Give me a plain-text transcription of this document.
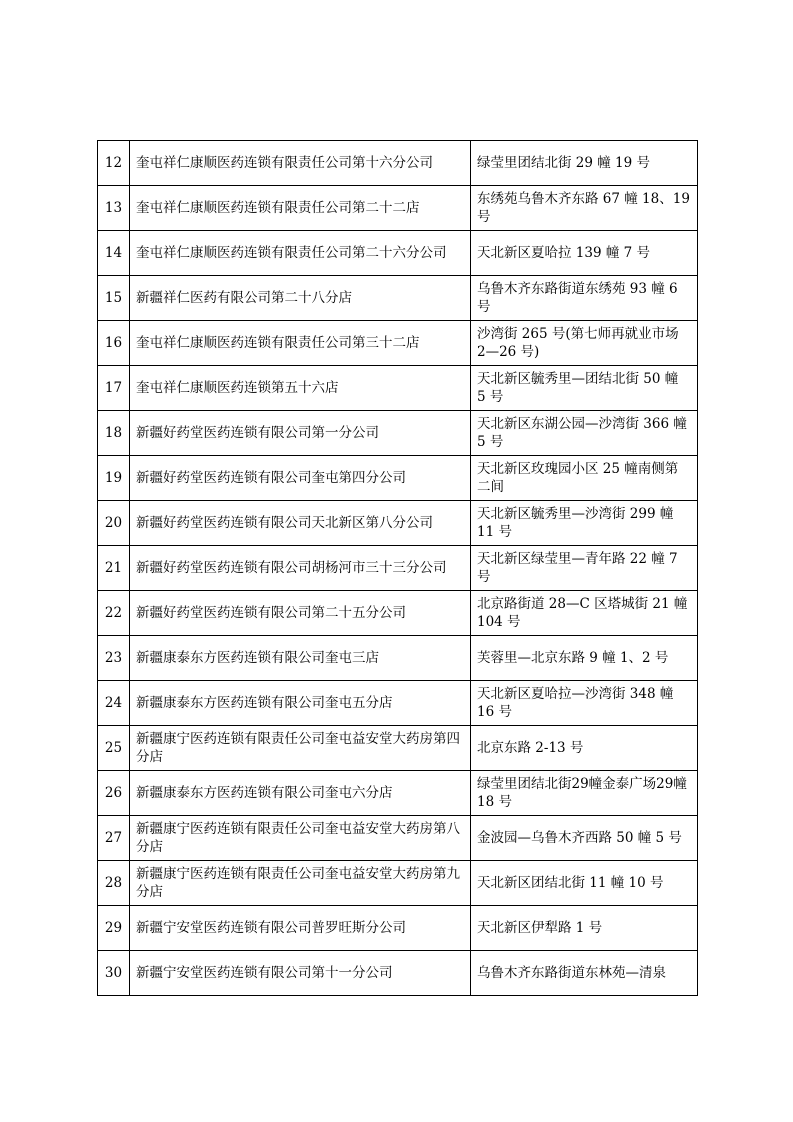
12	奎屯祥仁康顺医药连锁有限责任公司第十六分公司	绿莹里团结北街 29 幢 19 号
13	奎屯祥仁康顺医药连锁有限责任公司第二十二店	东绣苑乌鲁木齐东路 67 幢 18、19 号
14	奎屯祥仁康顺医药连锁有限责任公司第二十六分公司	天北新区夏哈拉 139 幢 7 号
15	新疆祥仁医药有限公司第二十八分店	乌鲁木齐东路街道东绣苑 93 幢 6 号
16	奎屯祥仁康顺医药连锁有限责任公司第三十二店	沙湾街 265 号(第七师再就业市场 2—26 号)
17	奎屯祥仁康顺医药连锁第五十六店	天北新区毓秀里—团结北街 50 幢 5 号
18	新疆好药堂医药连锁有限公司第一分公司	天北新区东湖公园—沙湾街 366 幢 5 号
19	新疆好药堂医药连锁有限公司奎屯第四分公司	天北新区玫瑰园小区 25 幢南侧第二间
20	新疆好药堂医药连锁有限公司天北新区第八分公司	天北新区毓秀里—沙湾街 299 幢 11 号
21	新疆好药堂医药连锁有限公司胡杨河市三十三分公司	天北新区绿莹里—青年路 22 幢 7 号
22	新疆好药堂医药连锁有限公司第二十五分公司	北京路街道 28—C 区塔城街 21 幢 104 号
23	新疆康泰东方医药连锁有限公司奎屯三店	芙蓉里—北京东路 9 幢 1、2 号
24	新疆康泰东方医药连锁有限公司奎屯五分店	天北新区夏哈拉—沙湾街 348 幢 16 号
25	新疆康宁医药连锁有限责任公司奎屯益安堂大药房第四分店	北京东路 2-13 号
26	新疆康泰东方医药连锁有限公司奎屯六分店	绿莹里团结北街29幢金泰广场29幢 18 号
27	新疆康宁医药连锁有限责任公司奎屯益安堂大药房第八分店	金波园—乌鲁木齐西路 50 幢 5 号
28	新疆康宁医药连锁有限责任公司奎屯益安堂大药房第九分店	天北新区团结北街 11 幢 10 号
29	新疆宁安堂医药连锁有限公司普罗旺斯分公司	天北新区伊犁路 1 号
30	新疆宁安堂医药连锁有限公司第十一分公司	乌鲁木齐东路街道东林苑—清泉
